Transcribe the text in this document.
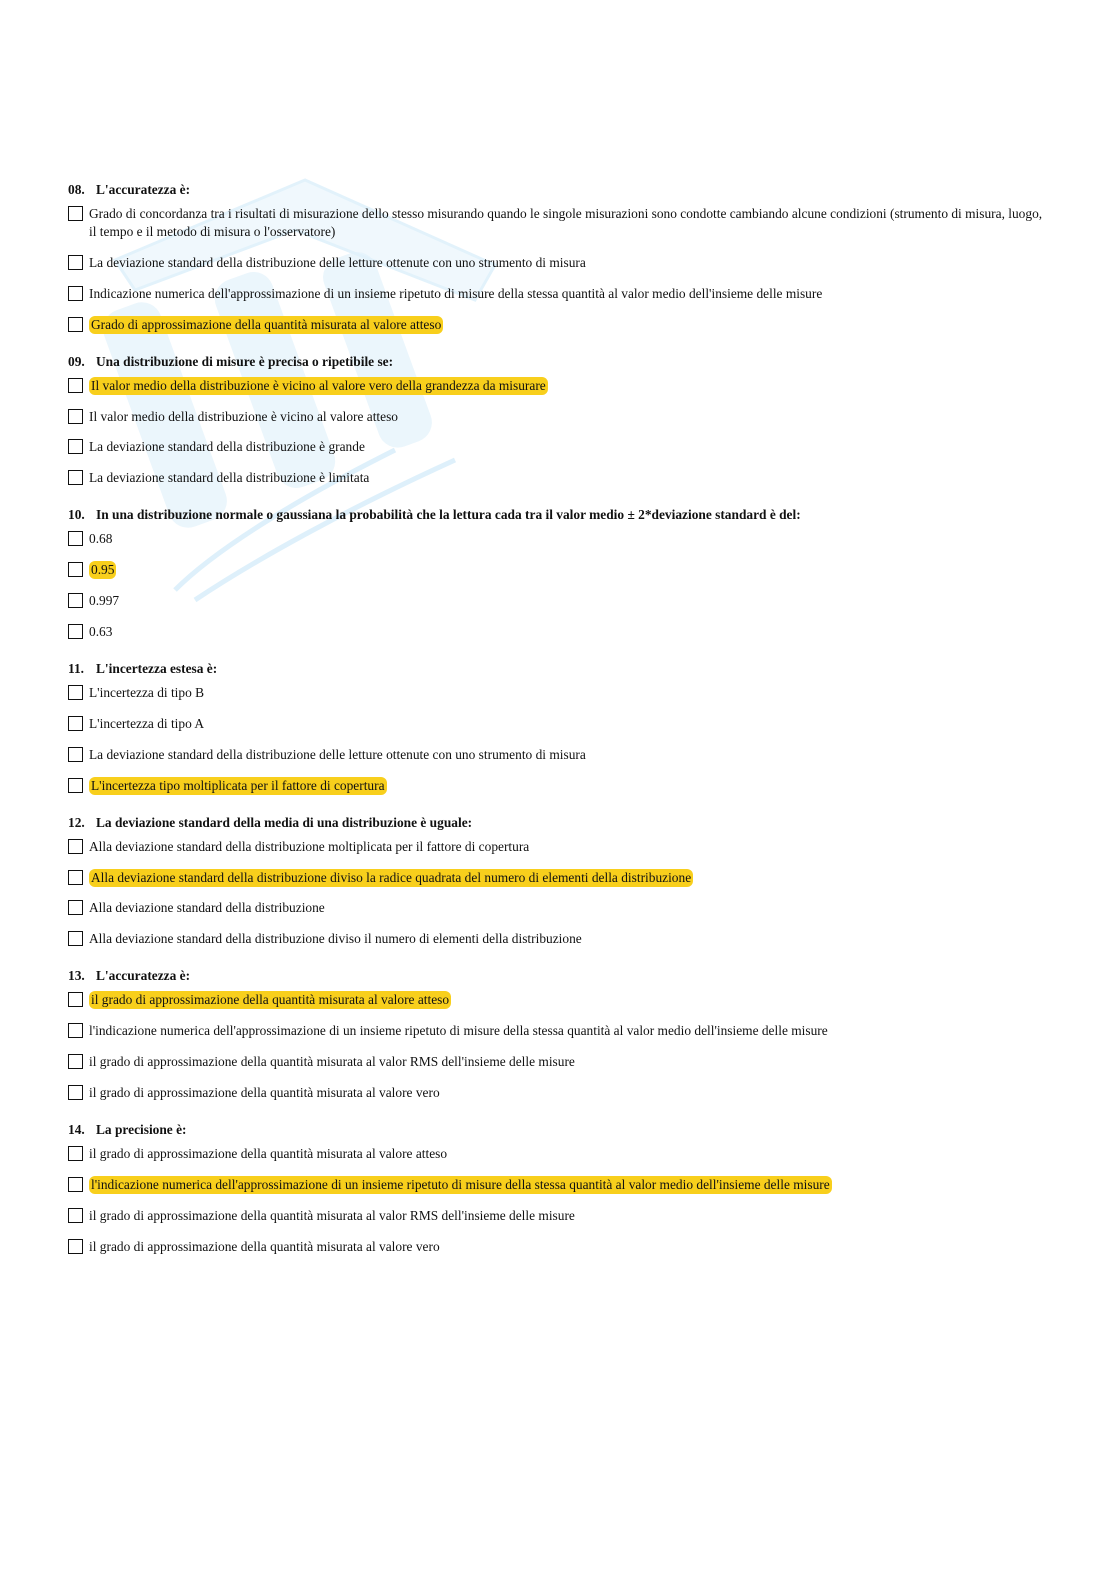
08. L'accuratezza è:
Grado di concordanza tra i risultati di misurazione dello stesso misurando quando le singole misurazioni sono condotte cambiando alcune condizioni (strumento di misura, luogo, il tempo e il metodo di misura o l'osservatore)
La deviazione standard della distribuzione delle letture ottenute con uno strumento di misura
Indicazione numerica dell'approssimazione di un insieme ripetuto di misure della stessa quantità al valor medio dell'insieme delle misure
Grado di approssimazione della quantità misurata al valore atteso
09. Una distribuzione di misure è precisa o ripetibile se:
Il valor medio della distribuzione è vicino al valore vero della grandezza da misurare
Il valor medio della distribuzione è vicino al valore atteso
La deviazione standard della distribuzione è grande
La deviazione standard della distribuzione è limitata
10. In una distribuzione normale o gaussiana la probabilità che la lettura cada tra il valor medio ± 2*deviazione standard è del:
0.68
0.95
0.997
0.63
11. L'incertezza estesa è:
L'incertezza di tipo B
L'incertezza di tipo A
La deviazione standard della distribuzione delle letture ottenute con uno strumento di misura
L'incertezza tipo moltiplicata per il fattore di copertura
12. La deviazione standard della media di una distribuzione è uguale:
Alla deviazione standard della distribuzione moltiplicata per il fattore di copertura
Alla deviazione standard della distribuzione diviso la radice quadrata del numero di elementi della distribuzione
Alla deviazione standard della distribuzione
Alla deviazione standard della distribuzione diviso il numero di elementi della distribuzione
13. L'accuratezza è:
il grado di approssimazione della quantità misurata al valore atteso
l'indicazione numerica dell'approssimazione di un insieme ripetuto di misure della stessa quantità al valor medio dell'insieme delle misure
il grado di approssimazione della quantità misurata al valor RMS dell'insieme delle misure
il grado di approssimazione della quantità misurata al valore vero
14. La precisione è:
il grado di approssimazione della quantità misurata al valore atteso
l'indicazione numerica dell'approssimazione di un insieme ripetuto di misure della stessa quantità al valor medio dell'insieme delle misure
il grado di approssimazione della quantità misurata al valor RMS dell'insieme delle misure
il grado di approssimazione della quantità misurata al valore vero
